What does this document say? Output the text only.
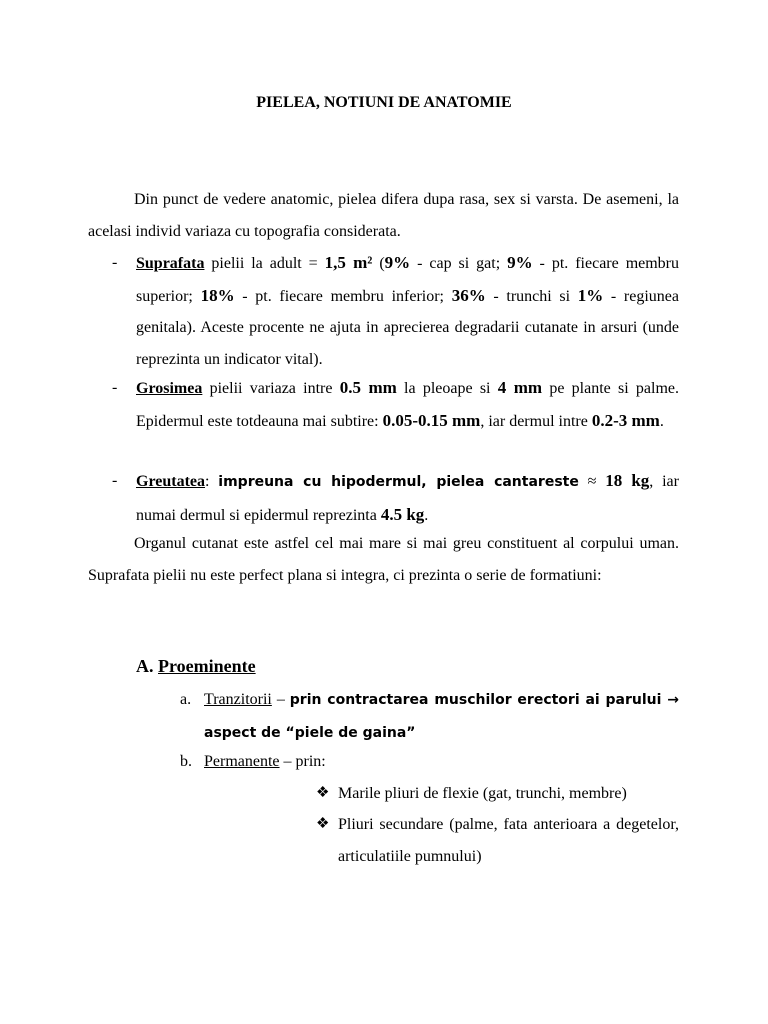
PIELEA, NOTIUNI DE ANATOMIE
Din punct de vedere anatomic, pielea difera dupa rasa, sex si varsta. De asemeni, la acelasi individ variaza cu topografia considerata.
- Suprafata pielii la adult = 1,5 m² (9% - cap si gat; 9% - pt. fiecare membru superior; 18% - pt. fiecare membru inferior; 36% - trunchi si 1% - regiunea genitala). Aceste procente ne ajuta in aprecierea degradarii cutanate in arsuri (unde reprezinta un indicator vital).
- Grosimea pielii variaza intre 0.5 mm la pleoape si 4 mm pe plante si palme. Epidermul este totdeauna mai subtire: 0.05-0.15 mm, iar dermul intre 0.2-3 mm.
- Greutatea: impreuna cu hipodermul, pielea cantareste ≈ 18 kg, iar numai dermul si epidermul reprezinta 4.5 kg.
Organul cutanat este astfel cel mai mare si mai greu constituent al corpului uman. Suprafata pielii nu este perfect plana si integra, ci prezinta o serie de formatiuni:
A. Proeminente
a. Tranzitorii – prin contractarea muschilor erectori ai parului → aspect de “piele de gaina”
b. Permanente – prin:
❖ Marile pliuri de flexie (gat, trunchi, membre)
❖ Pliuri secundare (palme, fata anterioara a degetelor, articulatiile pumnului)
